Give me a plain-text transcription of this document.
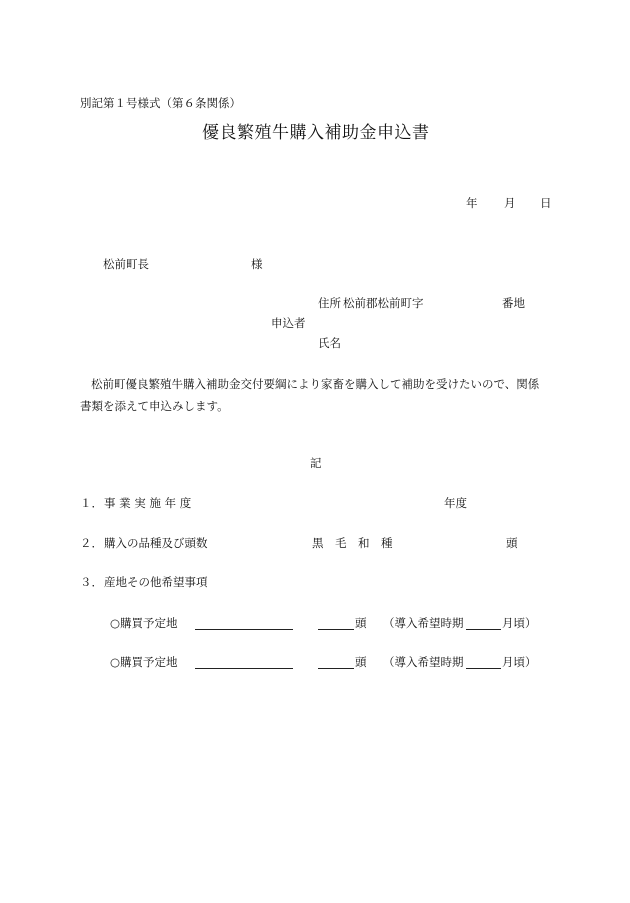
別記第１号様式（第６条関係）
優良繁殖牛購入補助金申込書
年 月 日
松前町長	様
住所 松前郡松前町字	番地
申込者
氏名
松前町優良繁殖牛購入補助金交付要綱により家畜を購入して補助を受けたいので、関係書類を添えて申込みします。
記
１． 事 業 実 施 年 度	年度
２． 購入の品種及び頭数	黒　毛　和　種	頭
３． 産地その他希望事項
○購買予定地	頭 （導入希望時期	月頃）
○購買予定地	頭 （導入希望時期	月頃）
